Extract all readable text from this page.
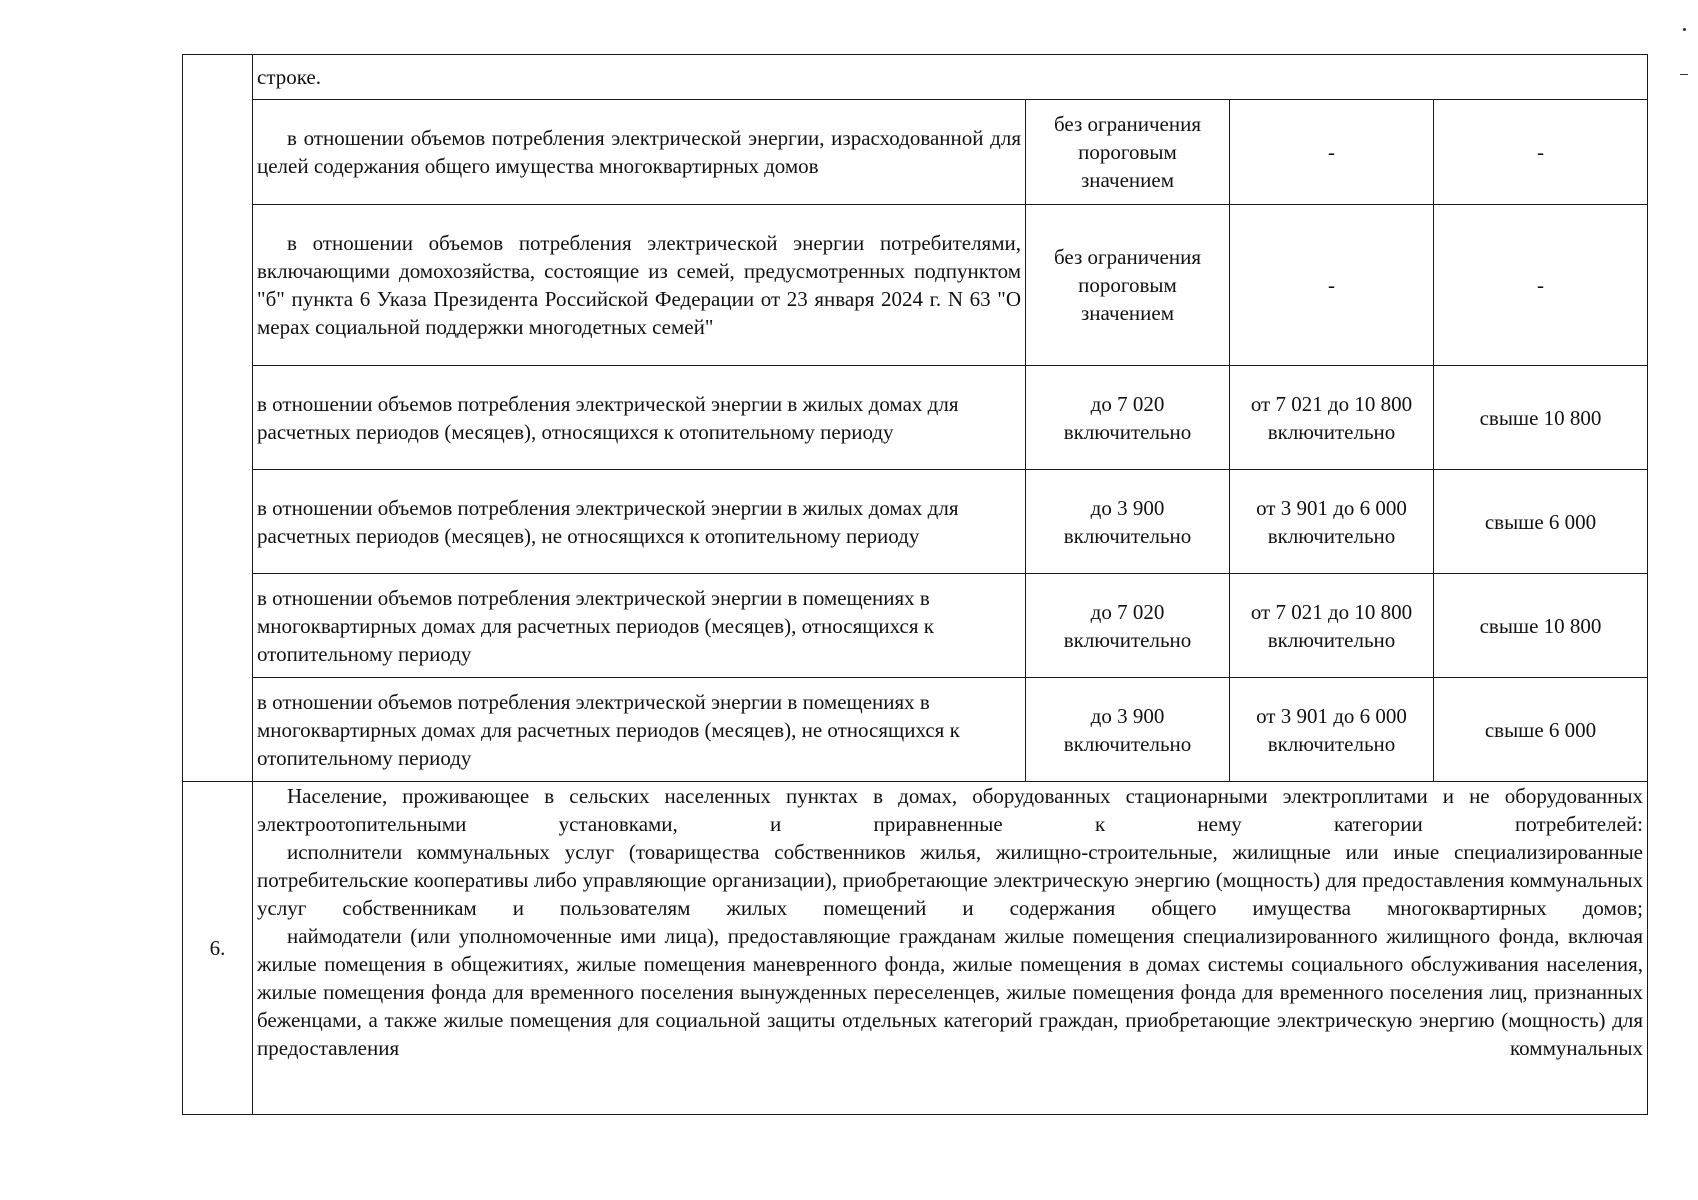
	строке.			
	в отношении объемов потребления электрической энергии, израсходованной для целей содержания общего имущества многоквартирных домов	без ограничения пороговым значением	-	-
	в отношении объемов потребления электрической энергии потребителями, включающими домохозяйства, состоящие из семей, предусмотренных подпунктом "б" пункта 6 Указа Президента Российской Федерации от 23 января 2024 г. N 63 "О мерах социальной поддержки многодетных семей"	без ограничения пороговым значением	-	-
	в отношении объемов потребления электрической энергии в жилых домах для расчетных периодов (месяцев), относящихся к отопительному периоду	до 7 020 включительно	от 7 021 до 10 800 включительно	свыше 10 800
	в отношении объемов потребления электрической энергии в жилых домах для расчетных периодов (месяцев), не относящихся к отопительному периоду	до 3 900 включительно	от 3 901 до 6 000 включительно	свыше 6 000
	в отношении объемов потребления электрической энергии в помещениях в многоквартирных домах для расчетных периодов (месяцев), относящихся к отопительному периоду	до 7 020 включительно	от 7 021 до 10 800 включительно	свыше 10 800
	в отношении объемов потребления электрической энергии в помещениях в многоквартирных домах для расчетных периодов (месяцев), не относящихся к отопительному периоду	до 3 900 включительно	от 3 901 до 6 000 включительно	свыше 6 000
6.	Население, проживающее в сельских населенных пунктах в домах, оборудованных стационарными электроплитами и не оборудованных электроотопительными установками, и приравненные к нему категории потребителей:

исполнители коммунальных услуг (товарищества собственников жилья, жилищно-строительные, жилищные или иные специализированные потребительские кооперативы либо управляющие организации), приобретающие электрическую энергию (мощность) для предоставления коммунальных услуг собственникам и пользователям жилых помещений и содержания общего имущества многоквартирных домов;

наймодатели (или уполномоченные ими лица), предоставляющие гражданам жилые помещения специализированного жилищного фонда, включая жилые помещения в общежитиях, жилые помещения маневренного фонда, жилые помещения в домах системы социального обслуживания населения, жилые помещения фонда для временного поселения вынужденных переселенцев, жилые помещения фонда для временного поселения лиц, признанных беженцами, а также жилые помещения для социальной защиты отдельных категорий граждан, приобретающие электрическую энергию (мощность) для предоставления коммунальных			
